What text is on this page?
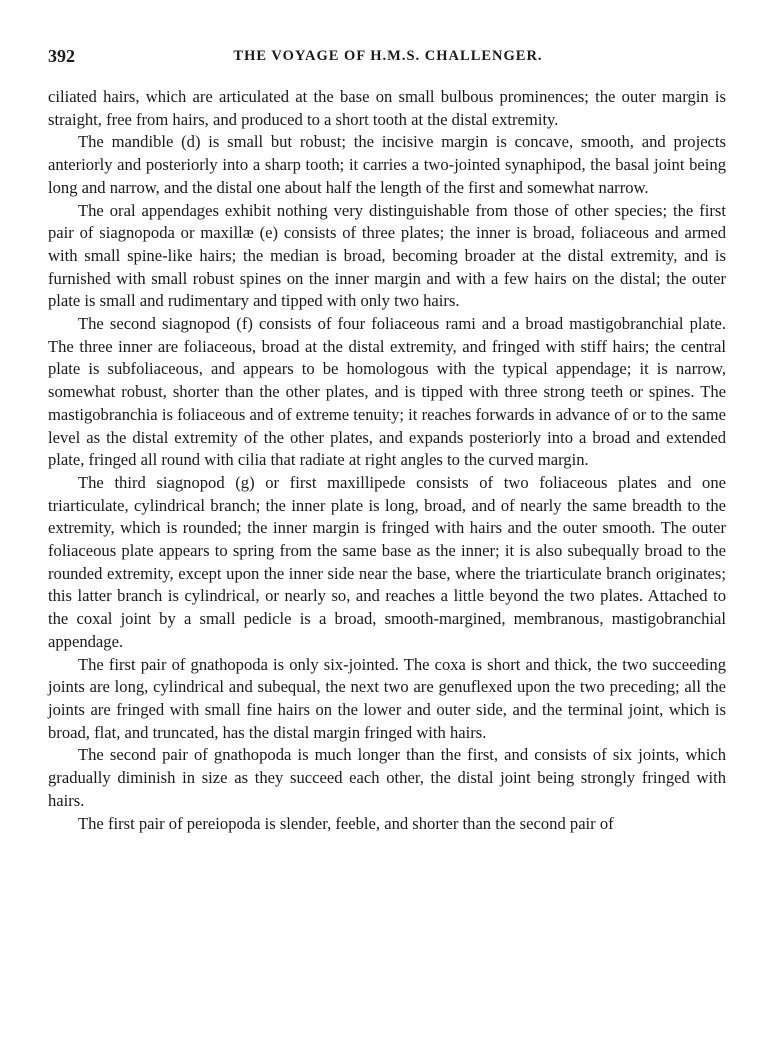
392	THE VOYAGE OF H.M.S. CHALLENGER.

ciliated hairs, which are articulated at the base on small bulbous prominences; the outer margin is straight, free from hairs, and produced to a short tooth at the distal extremity.

The mandible (d) is small but robust; the incisive margin is concave, smooth, and projects anteriorly and posteriorly into a sharp tooth; it carries a two-jointed synaphipod, the basal joint being long and narrow, and the distal one about half the length of the first and somewhat narrow.

The oral appendages exhibit nothing very distinguishable from those of other species; the first pair of siagnopoda or maxillæ (e) consists of three plates; the inner is broad, foliaceous and armed with small spine-like hairs; the median is broad, becoming broader at the distal extremity, and is furnished with small robust spines on the inner margin and with a few hairs on the distal; the outer plate is small and rudimentary and tipped with only two hairs.

The second siagnopod (f) consists of four foliaceous rami and a broad mastigobranchial plate. The three inner are foliaceous, broad at the distal extremity, and fringed with stiff hairs; the central plate is subfoliaceous, and appears to be homologous with the typical appendage; it is narrow, somewhat robust, shorter than the other plates, and is tipped with three strong teeth or spines. The mastigobranchia is foliaceous and of extreme tenuity; it reaches forwards in advance of or to the same level as the distal extremity of the other plates, and expands posteriorly into a broad and extended plate, fringed all round with cilia that radiate at right angles to the curved margin.

The third siagnopod (g) or first maxillipede consists of two foliaceous plates and one triarticulate, cylindrical branch; the inner plate is long, broad, and of nearly the same breadth to the extremity, which is rounded; the inner margin is fringed with hairs and the outer smooth. The outer foliaceous plate appears to spring from the same base as the inner; it is also subequally broad to the rounded extremity, except upon the inner side near the base, where the triarticulate branch originates; this latter branch is cylindrical, or nearly so, and reaches a little beyond the two plates. Attached to the coxal joint by a small pedicle is a broad, smooth-margined, membranous, mastigobranchial appendage.

The first pair of gnathopoda is only six-jointed. The coxa is short and thick, the two succeeding joints are long, cylindrical and subequal, the next two are genuflexed upon the two preceding; all the joints are fringed with small fine hairs on the lower and outer side, and the terminal joint, which is broad, flat, and truncated, has the distal margin fringed with hairs.

The second pair of gnathopoda is much longer than the first, and consists of six joints, which gradually diminish in size as they succeed each other, the distal joint being strongly fringed with hairs.

The first pair of pereiopoda is slender, feeble, and shorter than the second pair of
